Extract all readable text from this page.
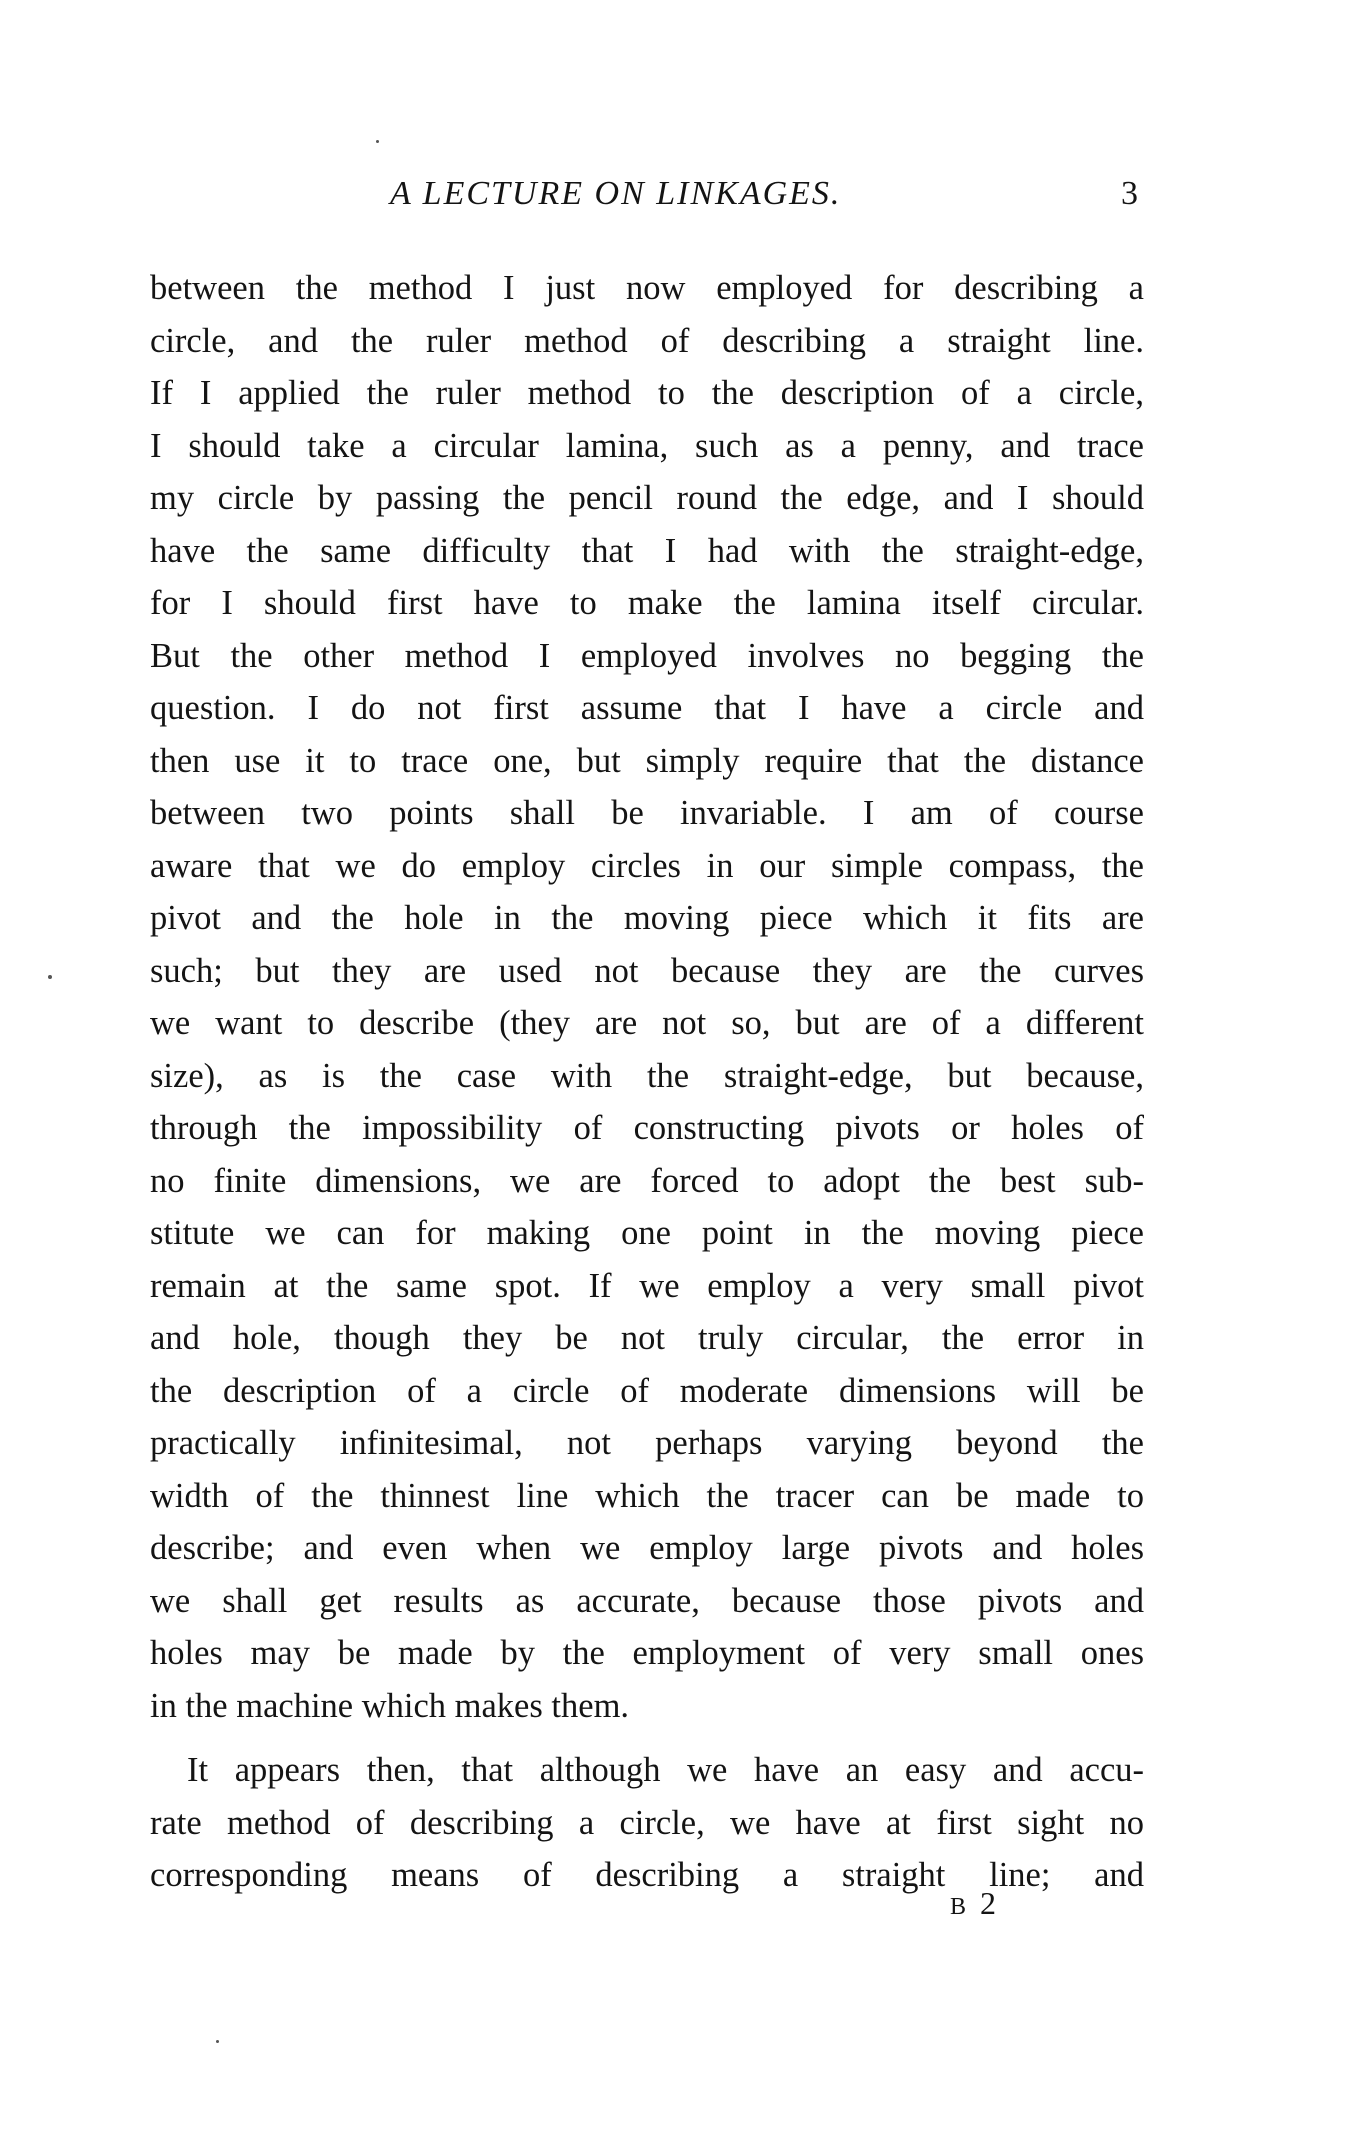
A LECTURE ON LINKAGES.	3
between the method I just now employed for describing a
circle, and the ruler method of describing a straight line.
If I applied the ruler method to the description of a circle,
I should take a circular lamina, such as a penny, and trace
my circle by passing the pencil round the edge, and I should
have the same difficulty that I had with the straight-edge,
for I should first have to make the lamina itself circular.
But the other method I employed involves no begging the
question. I do not first assume that I have a circle and
then use it to trace one, but simply require that the distance
between two points shall be invariable. I am of course
aware that we do employ circles in our simple compass, the
pivot and the hole in the moving piece which it fits are
such; but they are used not because they are the curves
we want to describe (they are not so, but are of a different
size), as is the case with the straight-edge, but because,
through the impossibility of constructing pivots or holes of
no finite dimensions, we are forced to adopt the best sub-
stitute we can for making one point in the moving piece
remain at the same spot. If we employ a very small pivot
and hole, though they be not truly circular, the error in
the description of a circle of moderate dimensions will be
practically infinitesimal, not perhaps varying beyond the
width of the thinnest line which the tracer can be made to
describe; and even when we employ large pivots and holes
we shall get results as accurate, because those pivots and
holes may be made by the employment of very small ones
in the machine which makes them.
It appears then, that although we have an easy and accu-
rate method of describing a circle, we have at first sight no
corresponding means of describing a straight line; and
B2
